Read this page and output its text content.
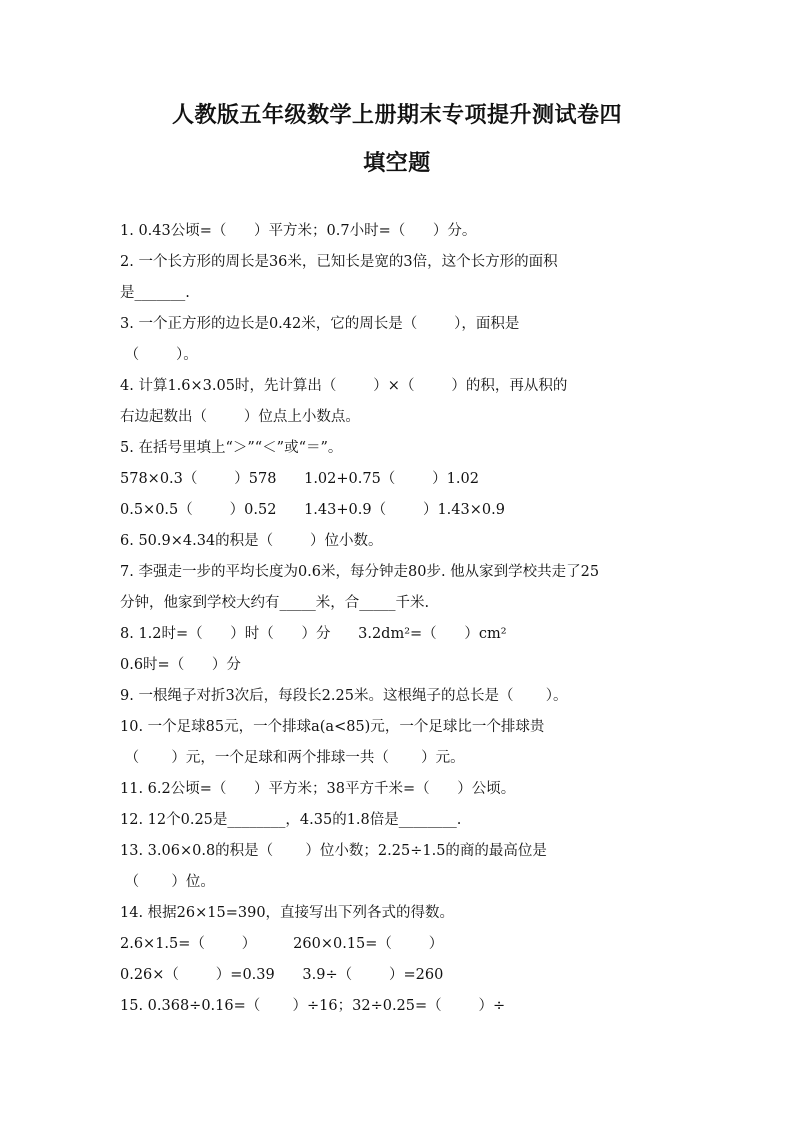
人教版五年级数学上册期末专项提升测试卷四
填空题
1. 0.43公顷=（      ）平方米；0.7小时=（      ）分。
2. 一个长方形的周长是36米，已知长是宽的3倍，这个长方形的面积
是_______.
3. 一个正方形的边长是0.42米，它的周长是（        ），面积是
（        ）。
4. 计算1.6×3.05时，先计算出（        ）×（        ）的积，再从积的
右边起数出（        ）位点上小数点。
5. 在括号里填上“＞”“＜”或“＝”。
578×0.3（        ）578      1.02+0.75（        ）1.02
0.5×0.5（        ）0.52      1.43+0.9（        ）1.43×0.9
6. 50.9×4.34的积是（        ）位小数。
7. 李强走一步的平均长度为0.6米，每分钟走80步. 他从家到学校共走了25
分钟，他家到学校大约有_____米，合_____千米.
8. 1.2时=（      ）时（      ）分      3.2dm²=（      ）cm²
0.6时=（      ）分
9. 一根绳子对折3次后，每段长2.25米。这根绳子的总长是（       ）。
10. 一个足球85元，一个排球a(a<85)元，一个足球比一个排球贵
（       ）元，一个足球和两个排球一共（       ）元。
11. 6.2公顷=（      ）平方米；38平方千米=（      ）公顷。
12. 12个0.25是________，4.35的1.8倍是________.
13. 3.06×0.8的积是（       ）位小数；2.25÷1.5的商的最高位是
（       ）位。
14. 根据26×15=390，直接写出下列各式的得数。
2.6×1.5=（        ）        260×0.15=（        ）
0.26×（        ）=0.39      3.9÷（        ）=260
15. 0.368÷0.16=（       ）÷16；32÷0.25=（        ）÷
